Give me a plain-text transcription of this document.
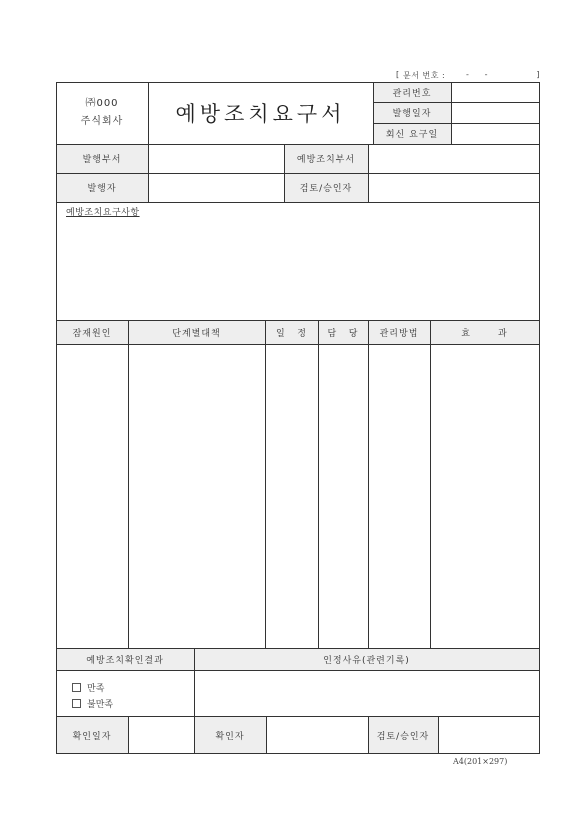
[ 문서 번호 :	-     -	]
㈜000
주식회사	예방조치요구서
관리번호
발행일자
회신 요구일
발행부서	예방조치부서
발행자	검토/승인자
예방조치요구사항
잠재원인	단계별대책	일   정	담   당	관리방법	효       과
예방조치확인결과	인정사유(관련기록)
만족
불만족
확인일자	확인자	검토/승인자
A4(201×297)
